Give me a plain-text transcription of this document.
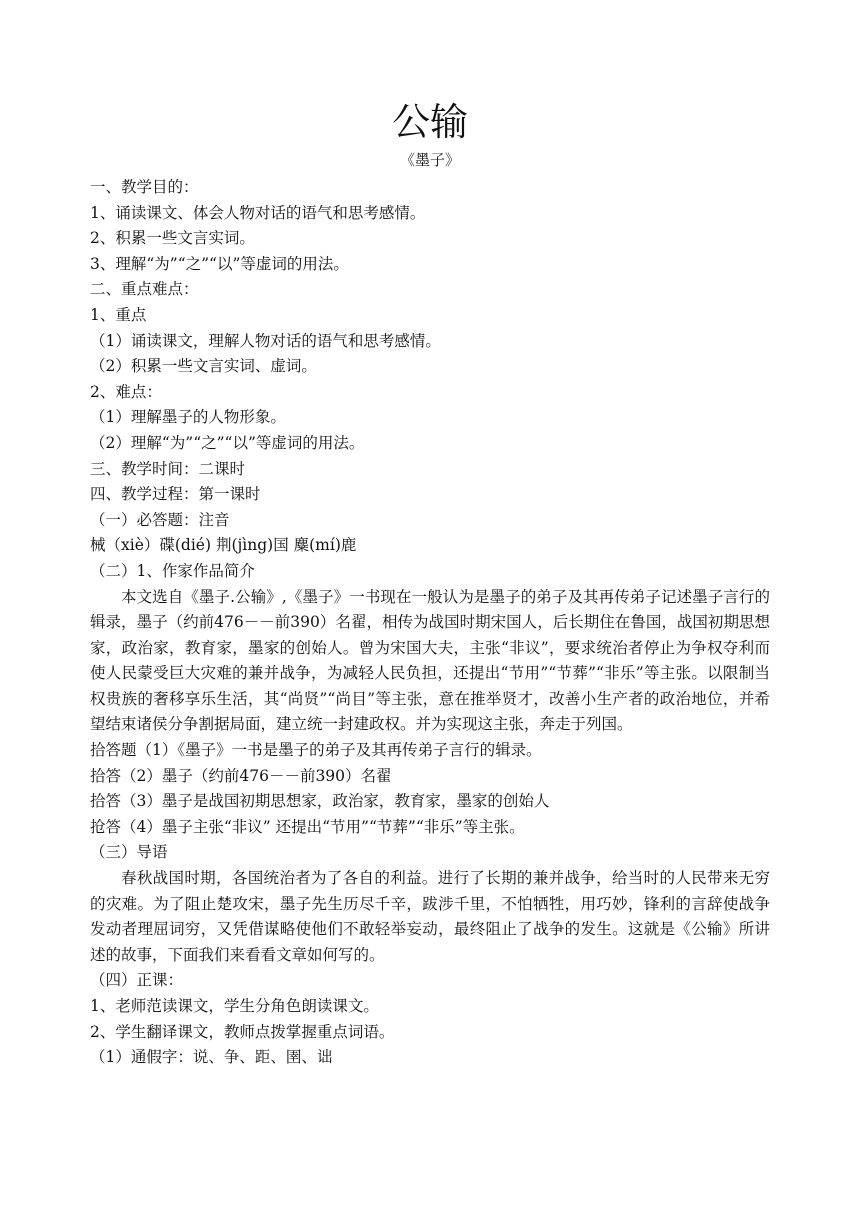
公输
《墨子》
一、教学目的：
1、诵读课文、体会人物对话的语气和思考感情。
2、积累一些文言实词。
3、理解“为”“之”“以”等虚词的用法。
二、重点难点：
1、重点
（1）诵读课文，理解人物对话的语气和思考感情。
（2）积累一些文言实词、虚词。
2、难点：
（1）理解墨子的人物形象。
（2）理解“为”“之”“以”等虚词的用法。
三、教学时间：二课时
四、教学过程：第一课时
（一）必答题：注音
械（xiè）碟(dié) 荆(jìng)国 麋(mí)鹿
（二）1、作家作品简介
本文选自《墨子.公输》,《墨子》一书现在一般认为是墨子的弟子及其再传弟子记述墨子言行的辑录，墨子（约前476－－前390）名翟，相传为战国时期宋国人，后长期住在鲁国，战国初期思想家，政治家，教育家，墨家的创始人。曾为宋国大夫，主张“非议”，要求统治者停止为争权夺利而使人民蒙受巨大灾难的兼并战争，为减轻人民负担，还提出“节用”“节葬”“非乐”等主张。以限制当权贵族的奢移享乐生活，其“尚贤”“尚目”等主张，意在推举贤才，改善小生产者的政治地位，并希望结束诸侯分争割据局面，建立统一封建政权。并为实现这主张，奔走于列国。
拾答题（1）《墨子》一书是墨子的弟子及其再传弟子言行的辑录。
拾答（2）墨子（约前476－－前390）名翟
拾答（3）墨子是战国初期思想家，政治家，教育家，墨家的创始人
抢答（4）墨子主张“非议” 还提出“节用”“节葬”“非乐”等主张。
（三）导语
春秋战国时期，各国统治者为了各自的利益。进行了长期的兼并战争，给当时的人民带来无穷的灾难。为了阻止楚攻宋，墨子先生历尽千辛，跋涉千里，不怕牺牲，用巧妙，锋利的言辞使战争发动者理屈词穷，又凭借谋略使他们不敢轻举妄动，最终阻止了战争的发生。这就是《公输》所讲述的故事，下面我们来看看文章如何写的。
（四）正课：
1、老师范读课文，学生分角色朗读课文。
2、学生翻译课文，教师点拨掌握重点词语。
（1）通假字：说、争、距、圉、诎
